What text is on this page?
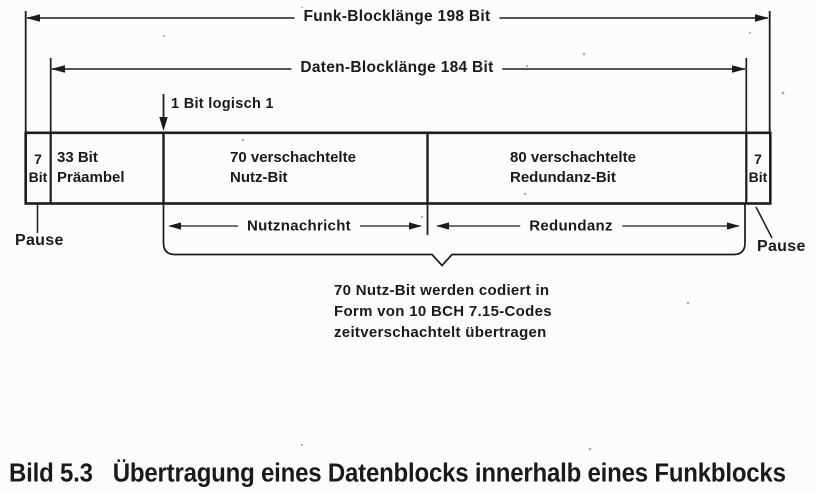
Funk-Blocklänge 198 Bit
Daten-Blocklänge 184 Bit
1 Bit logisch 1
7
Bit
33 Bit
Präambel
70 verschachtelte
Nutz-Bit
80 verschachtelte
Redundanz-Bit
7
Bit
Nutznachricht	Redundanz
Pause	Pause
70 Nutz-Bit werden codiert in
Form von 10 BCH 7.15-Codes
zeitverschachtelt übertragen
Bild 5.3 Übertragung eines Datenblocks innerhalb eines Funkblocks
